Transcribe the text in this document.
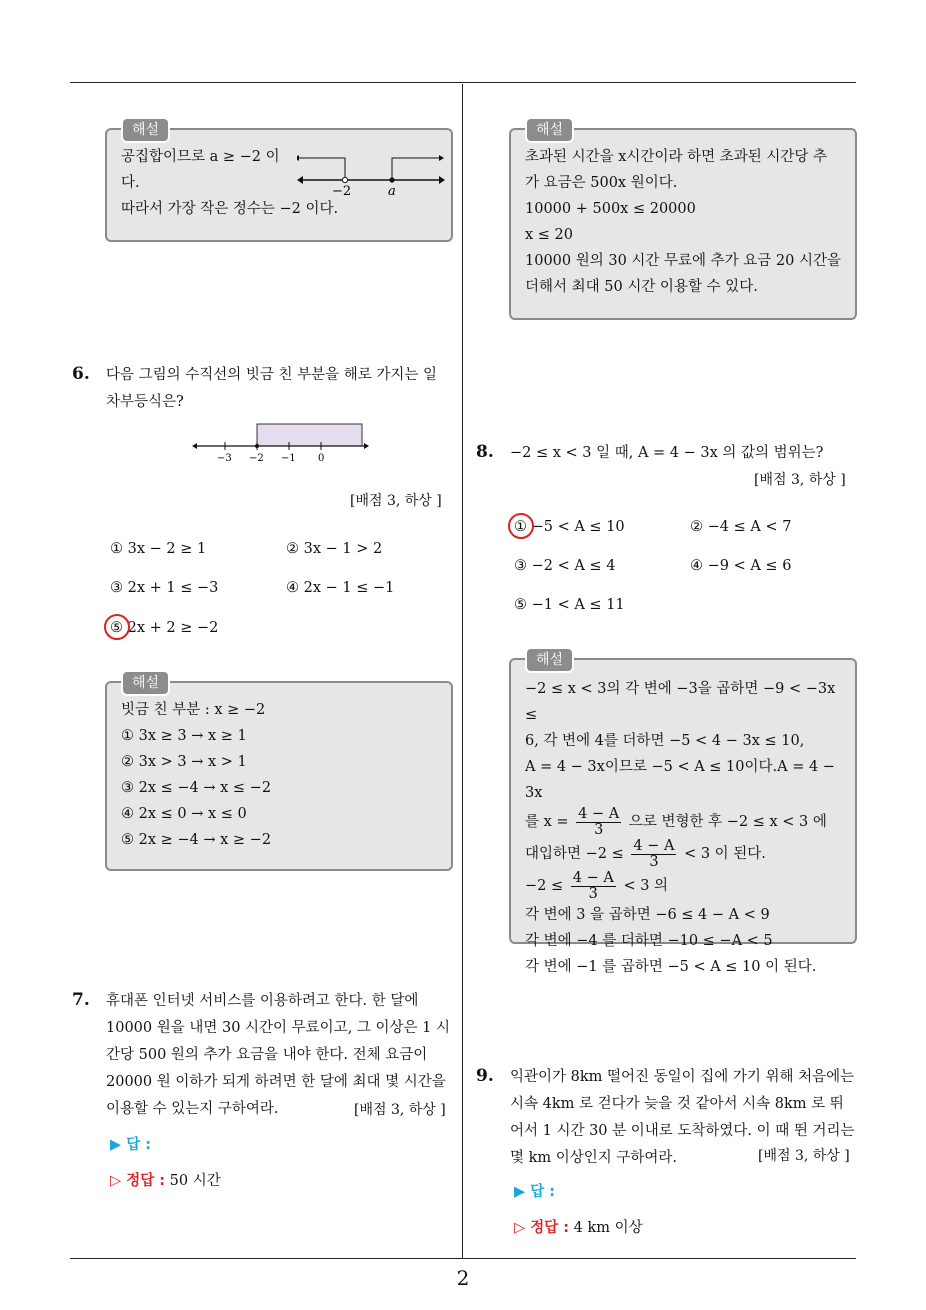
2
해설
공집합이므로 a ≥ −2 이
다.
따라서 가장 작은 정수는 −2 이다.
−2	a
해설
초과된 시간을 x시간이라 하면 초과된 시간당 추
가 요금은 500x 원이다.
10000 + 500x ≤ 20000
x ≤ 20
10000 원의 30 시간 무료에 추가 요금 20 시간을
더해서 최대 50 시간 이용할 수 있다.
6. 다음 그림의 수직선의 빗금 친 부분을 해로 가지는 일
차부등식은?
−3 −2 −1 0
[배점 3, 하상 ]
① 3x − 2 ≥ 1	② 3x − 1 > 2
③ 2x + 1 ≤ −3	④ 2x − 1 ≤ −1
⑤ 2x + 2 ≥ −2
해설
빗금 친 부분 : x ≥ −2
① 3x ≥ 3 → x ≥ 1
② 3x > 3 → x > 1
③ 2x ≤ −4 → x ≤ −2
④ 2x ≤ 0 → x ≤ 0
⑤ 2x ≥ −4 → x ≥ −2
7. 휴대폰 인터넷 서비스를 이용하려고 한다. 한 달에
10000 원을 내면 30 시간이 무료이고, 그 이상은 1 시
간당 500 원의 추가 요금을 내야 한다. 전체 요금이
20000 원 이하가 되게 하려면 한 달에 최대 몇 시간을
이용할 수 있는지 구하여라.	[배점 3, 하상 ]
▶ 답 :
▷ 정답 : 50 시간
8. −2 ≤ x < 3 일 때, A = 4 − 3x 의 값의 범위는?
[배점 3, 하상 ]
① −5 < A ≤ 10	② −4 ≤ A < 7
③ −2 < A ≤ 4	④ −9 < A ≤ 6
⑤ −1 < A ≤ 11
해설
−2 ≤ x < 3의 각 변에 −3을 곱하면 −9 < −3x ≤
6, 각 변에 4를 더하면 −5 < 4 − 3x ≤ 10,
A = 4 − 3x이므로 −5 < A ≤ 10이다.A = 4 − 3x
를 $x = \frac{4 - A}{3}$ 으로 변형한 후 −2 ≤ x < 3 에
대입하면 $-2 \le \frac{4 - A}{3} < 3$ 이 된다.
$-2 \le \frac{4 - A}{3} < 3$ 의
각 변에 3 을 곱하면 −6 ≤ 4 − A < 9
각 변에 −4 를 더하면 −10 ≤ −A < 5
각 변에 −1 를 곱하면 −5 < A ≤ 10 이 된다.
9. 익관이가 8km 떨어진 동일이 집에 가기 위해 처음에는
시속 4km 로 걷다가 늦을 것 같아서 시속 8km 로 뛰
어서 1 시간 30 분 이내로 도착하였다. 이 때 뛴 거리는
몇 km 이상인지 구하여라.	[배점 3, 하상 ]
▶ 답 :
▷ 정답 : 4 km 이상
